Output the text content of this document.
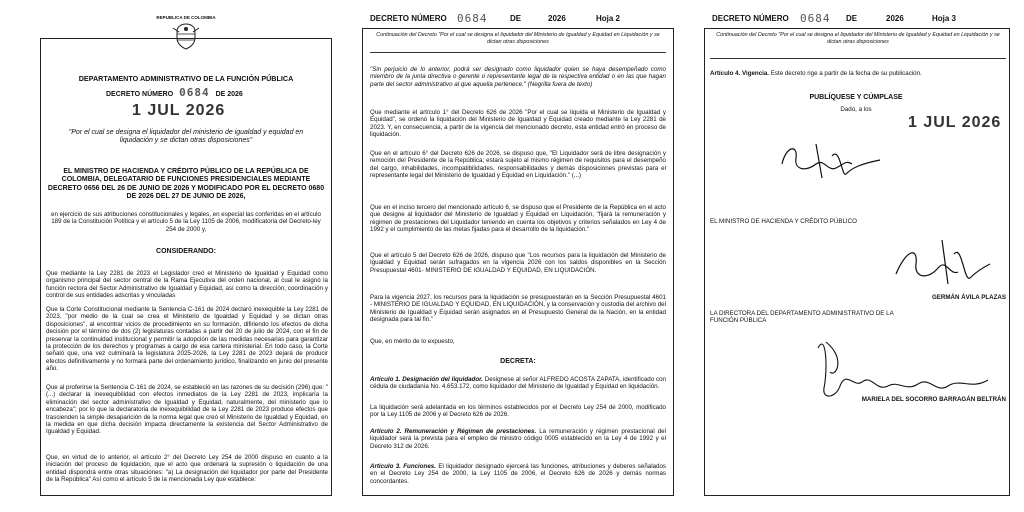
REPUBLICA DE COLOMBIA
DEPARTAMENTO ADMINISTRATIVO DE LA FUNCIÓN PÚBLICA
DECRETO NÚMERO 0684 DE 2026
1 JUL 2026
"Por el cual se designa el liquidador del ministerio de igualdad y equidad en liquidación y se dictan otras disposiciones"
EL MINISTRO DE HACIENDA Y CRÉDITO PÚBLICO DE LA REPÚBLICA DE COLOMBIA, DELEGATARIO DE FUNCIONES PRESIDENCIALES MEDIANTE DECRETO 0656 DEL 26 DE JUNIO DE 2026 Y MODIFICADO POR EL DECRETO 0680 DE 2026 DEL 27 DE JUNIO DE 2026,
en ejercicio de sus atribuciones constitucionales y legales, en especial las conferidas en el artículo 189 de la Constitución Política y el artículo 5 de la Ley 1105 de 2006, modificatoria del Decreto-ley 254 de 2000 y,
CONSIDERANDO:
Que mediante la Ley 2281 de 2023 el Legislador creó el Ministerio de Igualdad y Equidad como organismo principal del sector central de la Rama Ejecutiva del orden nacional, al cual le asignó la función rectora del Sector Administrativo de Igualdad y Equidad, así como la dirección, coordinación y control de sus entidades adscritas y vinculadas
Que la Corte Constitucional mediante la Sentencia C-161 de 2024 declaró inexequible la Ley 2281 de 2023, "por medio de la cual se crea el Ministerio de Igualdad y Equidad y se dictan otras disposiciones", al encontrar vicios de procedimiento en su formación, difiriendo los efectos de dicha decisión por el término de dos (2) legislaturas contadas a partir del 20 de julio de 2024, con el fin de preservar la continuidad institucional y permitir la adopción de las medidas necesarias para garantizar la protección de los derechos y programas a cargo de esa cartera ministerial. En todo caso, la Corte señaló que, una vez culminará la legislatura 2025-2026, la Ley 2281 de 2023 dejará de producir efectos definitivamente y no formará parte del ordenamiento jurídico, finalizando en junio del presente año.
Que al proferirse la Sentencia C-161 de 2024, se estableció en las razones de su decisión (296) que: "(...) declarar la inexequibilidad con efectos inmediatos de la Ley 2281 de 2023, implicaría la eliminación del sector administrativo de Igualdad y Equidad, naturalmente, del ministerio que lo encabeza"; por lo que la declaratoria de inexequibilidad de la Ley 2281 de 2023 produce efectos que trascienden la simple desaparición de la norma legal que creó el Ministerio de Igualdad y Equidad, en la medida en que dicha decisión impacta directamente la existencia del Sector Administrativo de Igualdad y Equidad.
Que, en virtud de lo anterior, el artículo 2° del Decreto Ley 254 de 2000 dispuso en cuanto a la iniciación del proceso de liquidación, que el acto que ordenará la supresión o liquidación de una entidad dispondrá entre otras situaciones: "a) La designación del liquidador por parte del Presidente de la República" Así como el artículo 5 de la mencionada Ley que establece:
DECRETO NÚMERO 0684	DE	2026	Hoja 2
Continuación del Decreto "Por el cual se designa el liquidador del Ministerio de Igualdad y Equidad en Liquidación y se dictan otras disposiciones
"Sin perjuicio de lo anterior, podrá ser designado como liquidador quien se haya desempeñado como miembro de la junta directiva o gerente o representante legal de la respectiva entidad o en las que hagan parte del sector administrativo al que aquella pertenece." (Negrilla fuera de texto)
Que mediante el artículo 1° del Decreto 626 de 2026 "Por el cual se liquida el Ministerio de Igualdad y Equidad", se ordenó la liquidación del Ministerio de Igualdad y Equidad creado mediante la Ley 2281 de 2023. Y, en consecuencia, a partir de la vigencia del mencionado decreto, esta entidad entró en proceso de liquidación.
Que en el artículo 6° del Decreto 626 de 2026, se dispuso que, "El Liquidador será de libre designación y remoción del Presidente de la República; estará sujeto al mismo régimen de requisitos para el desempeño del cargo, inhabilidades, incompatibilidades, responsabilidades y demás disposiciones previstas para el representante legal del Ministerio de Igualdad y Equidad en Liquidación." (...)
Que en el inciso tercero del mencionado artículo 6, se dispuso que el Presidente de la República en el acto que designe al liquidador del Ministerio de Igualdad y Equidad en Liquidación, "fijará la remuneración y régimen de prestaciones del Liquidador teniendo en cuenta los objetivos y criterios señalados en Ley 4 de 1992 y el cumplimiento de las metas fijadas para el desarrollo de la liquidación."
Que el artículo 5 del Decreto 626 de 2026, dispuso que "Los recursos para la liquidación del Ministerio de Igualdad y Equidad serán sufragados en la vigencia 2026 con los saldos disponibles en la Sección Presupuestal 4601- MINISTERIO DE IGUALDAD Y EQUIDAD, EN LIQUIDACIÓN.
Para la vigencia 2027, los recursos para la liquidación se presupuestarán en la Sección Presupuestal 4601 - MINISTERIO DE IGUALDAD Y EQUIDAD, EN LIQUIDACIÓN, y la conservación y custodia del archivo del Ministerio de Igualdad y Equidad serán asignados en el Presupuesto General de la Nación, en la entidad designada para tal fin."
Que, en mérito de lo expuesto,
DECRETA:
Artículo 1. Designación del liquidador. Designese al señor ALFREDO ACOSTA ZAPATA, identificado con cédula de ciudadanía No. 4.653.172, como liquidador del Ministerio de Igualdad y Equidad en liquidación.
La liquidación será adelantada en los términos establecidos por el Decreto Ley 254 de 2000, modificado por la Ley 1105 de 2006 y el Decreto 626 de 2026.
Artículo 2. Remuneración y Régimen de prestaciones. La remuneración y régimen prestacional del liquidador será la prevista para el empleo de ministro código 0005 establecido en la Ley 4 de 1992 y el Decreto 312 de 2026.
Artículo 3. Funciones. El liquidador designado ejercerá las funciones, atribuciones y deberes señalados en el Decreto Ley 254 de 2000, la Ley 1105 de 2006, el Decreto 626 de 2026 y demás normas concordantes.
DECRETO NÚMERO 0684 DE	2026	Hoja 3
Continuación del Decreto "Por el cual se designa el liquidador del Ministerio de Igualdad y Equidad en Liquidación y se dictan otras disposiciones
Artículo 4. Vigencia. Este decreto rige a partir de la fecha de su publicación.
PUBLÍQUESE Y CÚMPLASE
Dado, a los
1 JUL 2026
EL MINISTRO DE HACIENDA Y CRÉDITO PÚBLICO
GERMÁN ÁVILA PLAZAS
LA DIRECTORA DEL DEPARTAMENTO ADMINISTRATIVO DE LA FUNCIÓN PÚBLICA
MARIELA DEL SOCORRO BARRAGÁN BELTRÁN
